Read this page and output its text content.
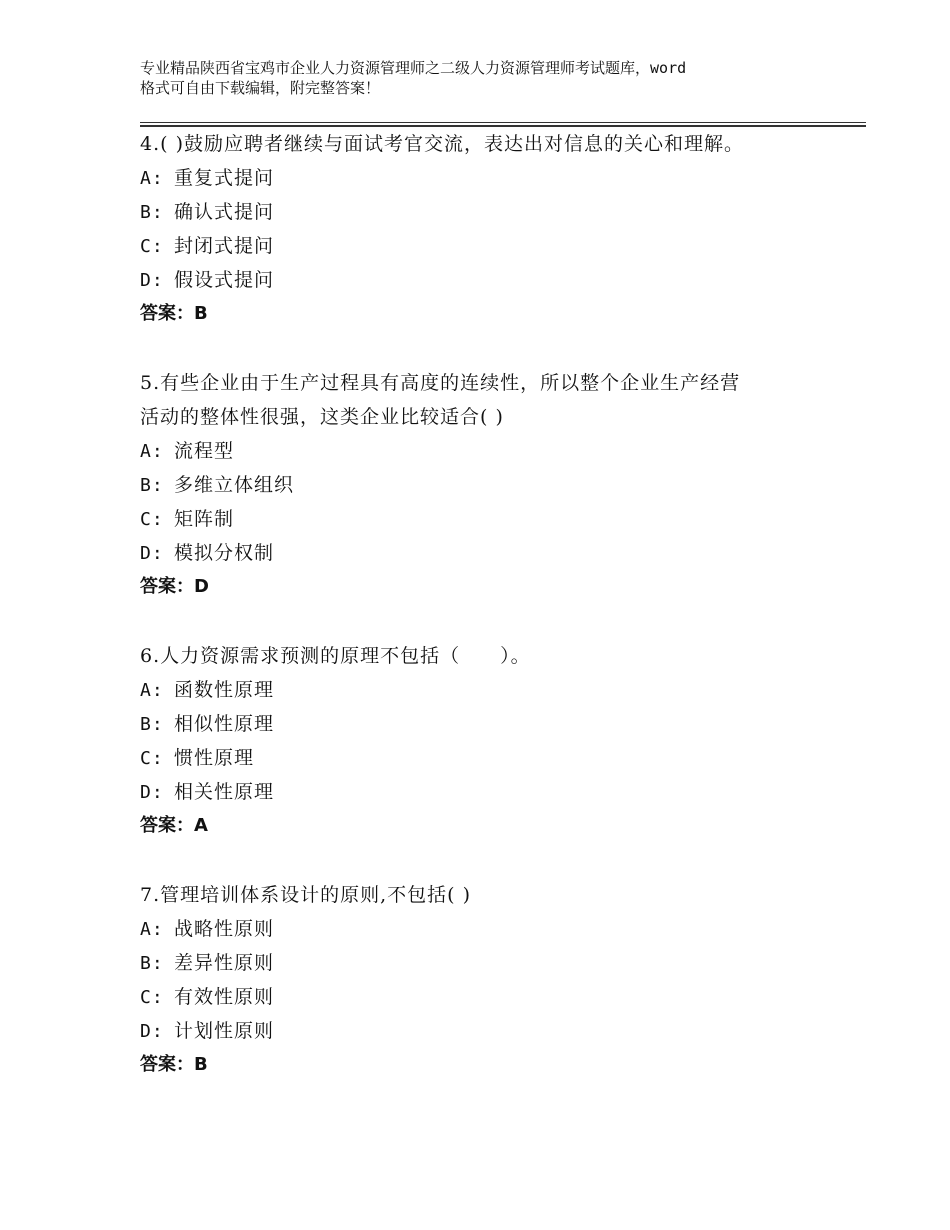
专业精品陕西省宝鸡市企业人力资源管理师之二级人力资源管理师考试题库，word
格式可自由下载编辑，附完整答案！
4.( )鼓励应聘者继续与面试考官交流，表达出对信息的关心和理解。
A: 重复式提问
B: 确认式提问
C: 封闭式提问
D: 假设式提问
答案：B
5.有些企业由于生产过程具有高度的连续性，所以整个企业生产经营
活动的整体性很强，这类企业比较适合( )
A: 流程型
B: 多维立体组织
C: 矩阵制
D: 模拟分权制
答案：D
6.人力资源需求预测的原理不包括（　　）。
A: 函数性原理
B: 相似性原理
C: 惯性原理
D: 相关性原理
答案：A
7.管理培训体系设计的原则,不包括( )
A: 战略性原则
B: 差异性原则
C: 有效性原则
D: 计划性原则
答案：B
